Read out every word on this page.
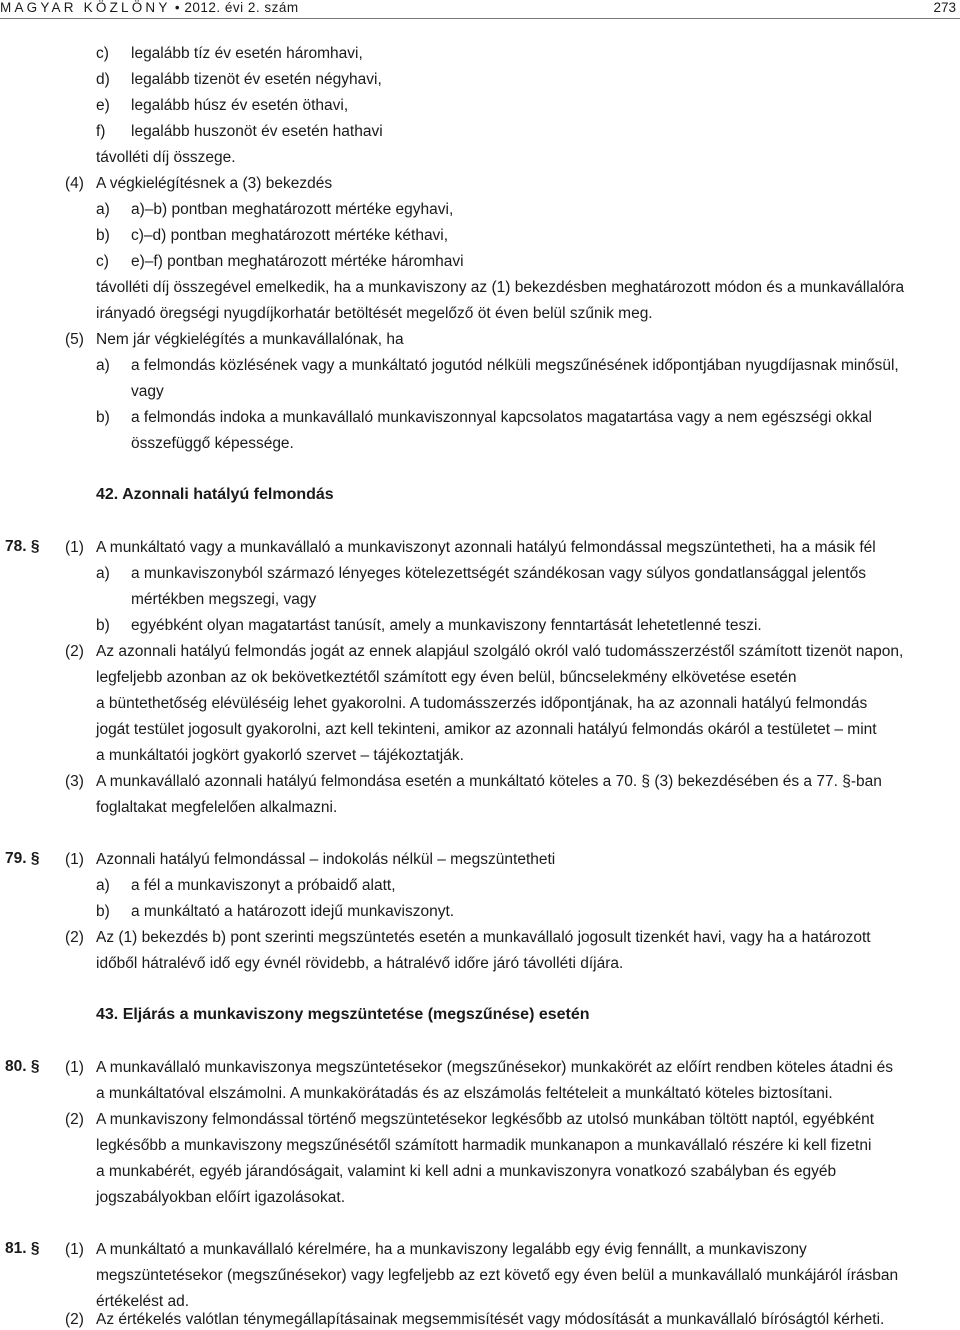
MAGYAR KÖZLÖNY • 2012. évi 2. szám	273
c) legalább tíz év esetén háromhavi,
d) legalább tizenöt év esetén négyhavi,
e) legalább húsz év esetén öthavi,
f) legalább huszonöt év esetén hathavi
távolléti díj összege.
(4) A végkielégítésnek a (3) bekezdés
a) a)–b) pontban meghatározott mértéke egyhavi,
b) c)–d) pontban meghatározott mértéke kéthavi,
c) e)–f) pontban meghatározott mértéke háromhavi
távolléti díj összegével emelkedik, ha a munkaviszony az (1) bekezdésben meghatározott módon és a munkavállalóra
irányadó öregségi nyugdíjkorhatár betöltését megelőző öt éven belül szűnik meg.
(5) Nem jár végkielégítés a munkavállalónak, ha
a) a felmondás közlésének vagy a munkáltató jogutód nélküli megszűnésének időpontjában nyugdíjasnak minősül,
vagy
b) a felmondás indoka a munkavállaló munkaviszonnyal kapcsolatos magatartása vagy a nem egészségi okkal
összefüggő képessége.
42. Azonnali hatályú felmondás
78. § (1) A munkáltató vagy a munkavállaló a munkaviszonyt azonnali hatályú felmondással megszüntetheti, ha a másik fél
a) a munkaviszonyból származó lényeges kötelezettségét szándékosan vagy súlyos gondatlansággal jelentős
mértékben megszegi, vagy
b) egyébként olyan magatartást tanúsít, amely a munkaviszony fenntartását lehetetlenné teszi.
(2) Az azonnali hatályú felmondás jogát az ennek alapjául szolgáló okról való tudomásszerzéstől számított tizenöt napon,
legfeljebb azonban az ok bekövetkeztétől számított egy éven belül, bűncselekmény elkövetése esetén
a büntethetőség elévüléséig lehet gyakorolni. A tudomásszerzés időpontjának, ha az azonnali hatályú felmondás
jogát testület jogosult gyakorolni, azt kell tekinteni, amikor az azonnali hatályú felmondás okáról a testületet – mint
a munkáltatói jogkört gyakorló szervet – tájékoztatják.
(3) A munkavállaló azonnali hatályú felmondása esetén a munkáltató köteles a 70. § (3) bekezdésében és a 77. §-ban
foglaltakat megfelelően alkalmazni.
79. § (1) Azonnali hatályú felmondással – indokolás nélkül – megszüntetheti
a) a fél a munkaviszonyt a próbaidő alatt,
b) a munkáltató a határozott idejű munkaviszonyt.
(2) Az (1) bekezdés b) pont szerinti megszüntetés esetén a munkavállaló jogosult tizenkét havi, vagy ha a határozott
időből hátralévő idő egy évnél rövidebb, a hátralévő időre járó távolléti díjára.
43. Eljárás a munkaviszony megszüntetése (megszűnése) esetén
80. § (1) A munkavállaló munkaviszonya megszüntetésekor (megszűnésekor) munkakörét az előírt rendben köteles átadni és
a munkáltatóval elszámolni. A munkakörátadás és az elszámolás feltételeit a munkáltató köteles biztosítani.
(2) A munkaviszony felmondással történő megszüntetésekor legkésőbb az utolsó munkában töltött naptól, egyébként
legkésőbb a munkaviszony megszűnésétől számított harmadik munkanapon a munkavállaló részére ki kell fizetni
a munkabérét, egyéb járandóságait, valamint ki kell adni a munkaviszonyra vonatkozó szabályban és egyéb
jogszabályokban előírt igazolásokat.
81. § (1) A munkáltató a munkavállaló kérelmére, ha a munkaviszony legalább egy évig fennállt, a munkaviszony
megszüntetésekor (megszűnésekor) vagy legfeljebb az ezt követő egy éven belül a munkavállaló munkájáról írásban
értékelést ad.
(2) Az értékelés valótlan ténymegállapításainak megsemmisítését vagy módosítását a munkavállaló bíróságtól kérheti.
